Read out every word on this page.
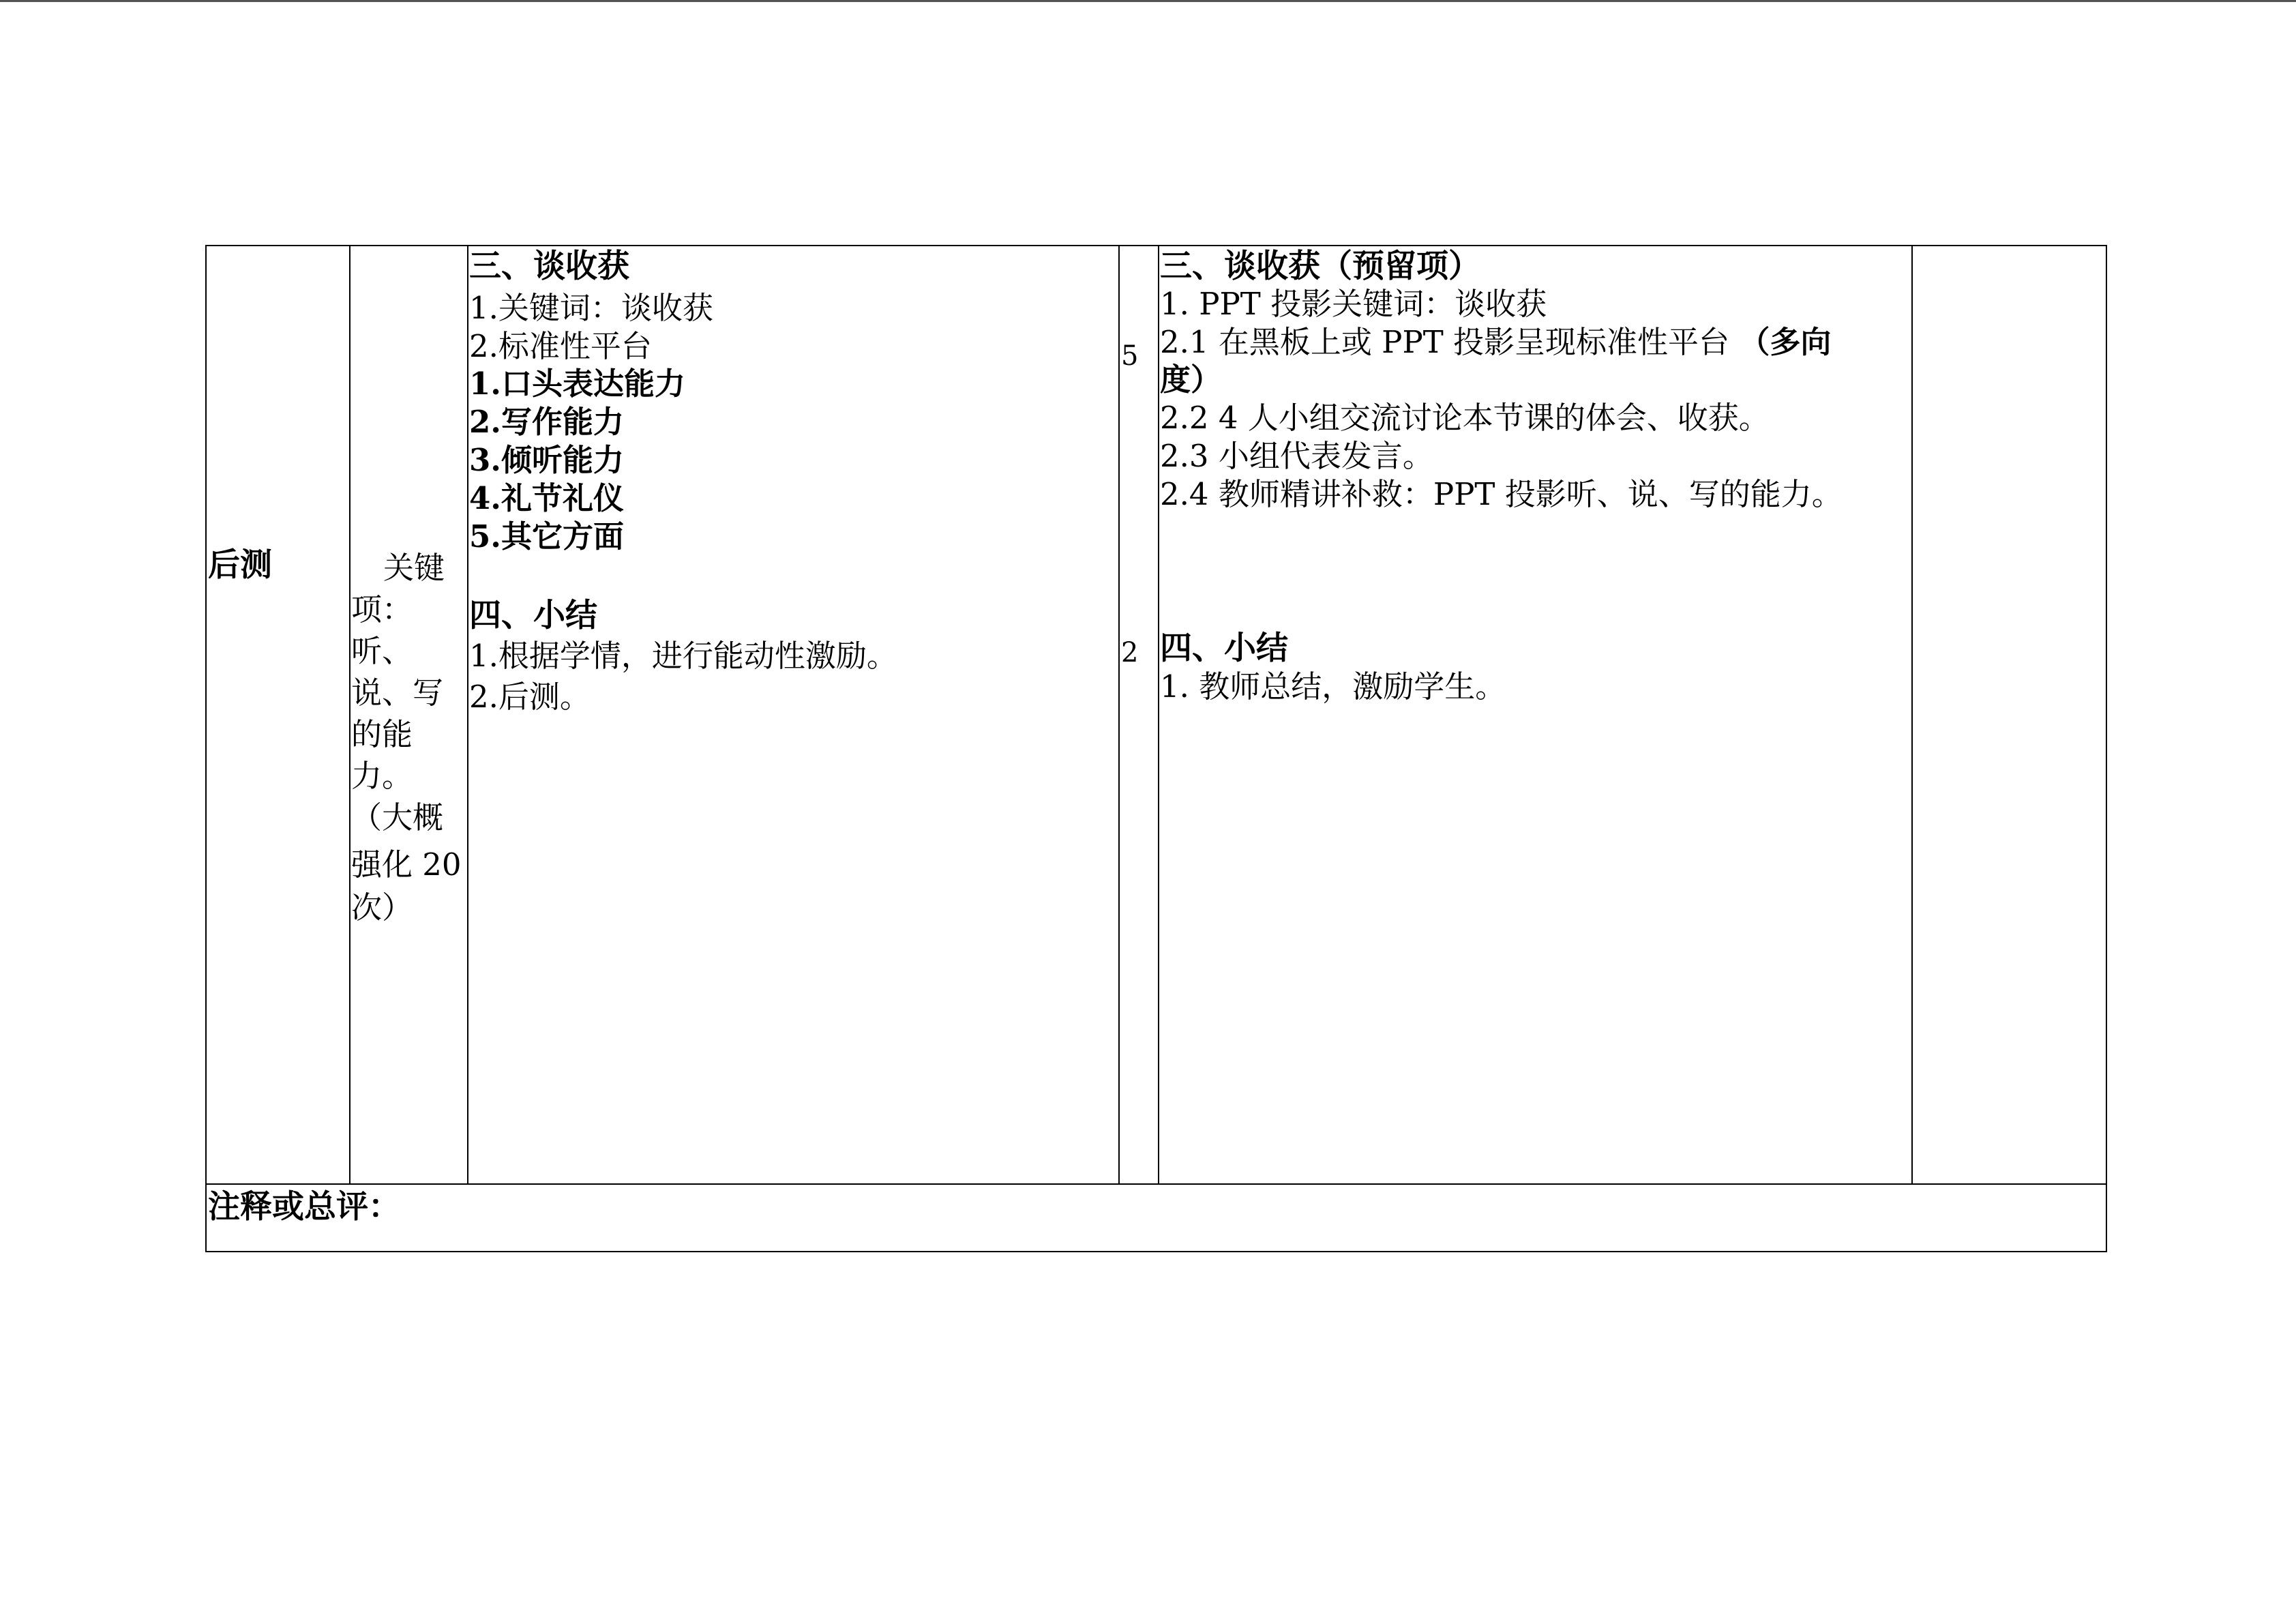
后测	关键
项：
听、
说、写
的能
力。
（大概
强化 20
次）
三、谈收获
1.关键词：谈收获
2.标准性平台
1.口头表达能力
2.写作能力
3.倾听能力
4.礼节礼仪
5.其它方面
四、小结
1.根据学情，进行能动性激励。
2.后测。
5
2
三、谈收获（预留项）
1. PPT 投影关键词：谈收获
2.1 在黑板上或 PPT 投影呈现标准性平台 （多向
度）
2.2 4 人小组交流讨论本节课的体会、收获。
2.3 小组代表发言。
2.4 教师精讲补救：PPT 投影听、说、写的能力。
四、小结
1. 教师总结，激励学生。
注释或总评：
